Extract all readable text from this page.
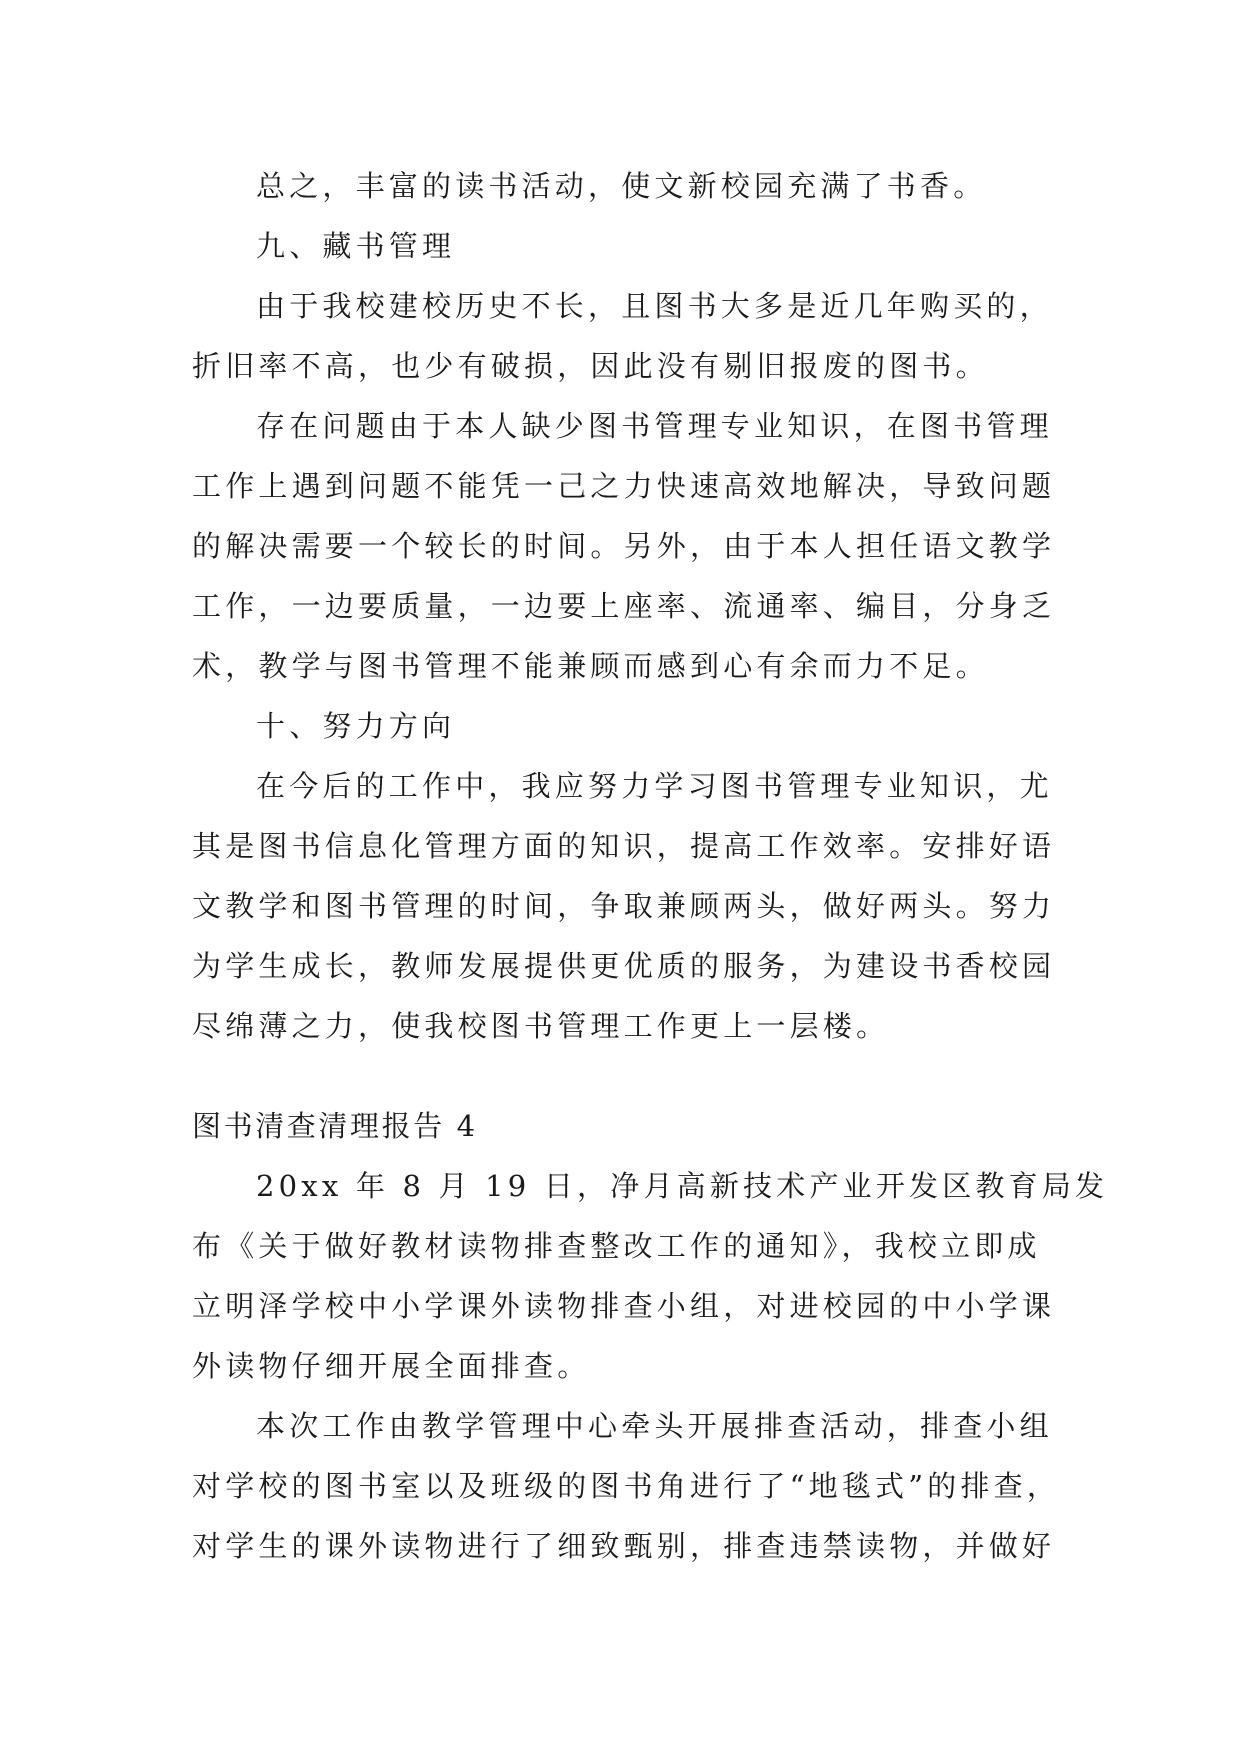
总之，丰富的读书活动，使文新校园充满了书香。
九、藏书管理
由于我校建校历史不长，且图书大多是近几年购买的，
折旧率不高，也少有破损，因此没有剔旧报废的图书。
存在问题由于本人缺少图书管理专业知识，在图书管理
工作上遇到问题不能凭一己之力快速高效地解决，导致问题
的解决需要一个较长的时间。另外，由于本人担任语文教学
工作，一边要质量，一边要上座率、流通率、编目，分身乏
术，教学与图书管理不能兼顾而感到心有余而力不足。
十、努力方向
在今后的工作中，我应努力学习图书管理专业知识，尤
其是图书信息化管理方面的知识，提高工作效率。安排好语
文教学和图书管理的时间，争取兼顾两头，做好两头。努力
为学生成长，教师发展提供更优质的服务，为建设书香校园
尽绵薄之力，使我校图书管理工作更上一层楼。
图书清查清理报告 4
20xx 年 8 月 19 日，净月高新技术产业开发区教育局发
布《关于做好教材读物排查整改工作的通知》，我校立即成
立明泽学校中小学课外读物排查小组，对进校园的中小学课
外读物仔细开展全面排查。
本次工作由教学管理中心牵头开展排查活动，排查小组
对学校的图书室以及班级的图书角进行了“地毯式”的排查，
对学生的课外读物进行了细致甄别，排查违禁读物，并做好
